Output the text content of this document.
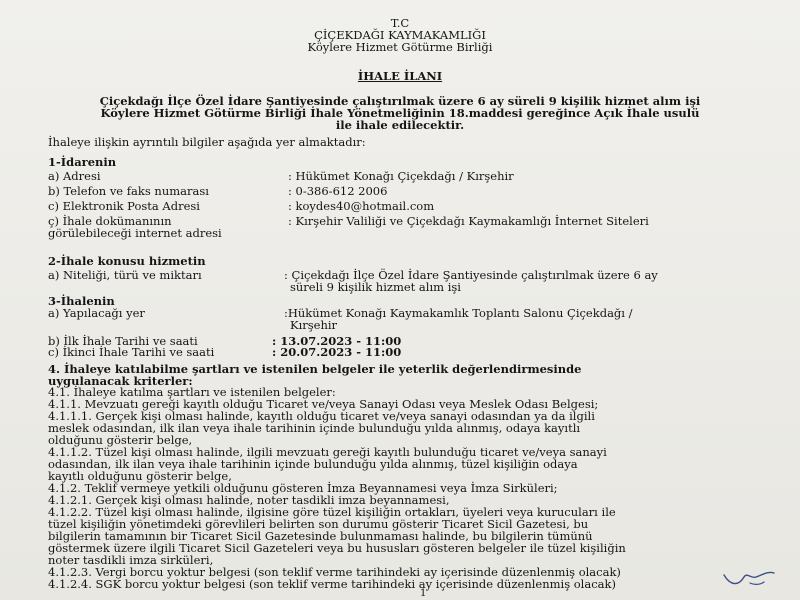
T.C
ÇİÇEKDAĞI KAYMAKAMLIĞI
Köylere Hizmet Götürme Birliği
İHALE İLANI
Çiçekdağı İlçe Özel İdare Şantiyesinde çalıştırılmak üzere 6 ay süreli 9 kişilik hizmet alım işi
Köylere Hizmet Götürme Birliği İhale Yönetmeliğinin 18.maddesi gereğince Açık İhale usulü
ile ihale edilecektir.
İhaleye ilişkin ayrıntılı bilgiler aşağıda yer almaktadır:
1-İdarenin
a) Adresi	: Hükümet Konağı Çiçekdağı / Kırşehir
b) Telefon ve faks numarası	: 0-386-612 2006
c) Elektronik Posta Adresi	: koydes40@hotmail.com
ç) İhale dokümanının
görülebileceği internet adresi
: Kırşehir Valiliği ve Çiçekdağı Kaymakamlığı İnternet Siteleri
2-İhale konusu hizmetin
a) Niteliği, türü ve miktarı	: Çiçekdağı İlçe Özel İdare Şantiyesinde çalıştırılmak üzere 6 ay
süreli 9 kişilik hizmet alım işi
3-İhalenin
a) Yapılacağı yer	:Hükümet Konağı Kaymakamlık Toplantı Salonu Çiçekdağı /
Kırşehir
b) İlk İhale Tarihi ve saati	: 13.07.2023 - 11:00
c) İkinci İhale Tarihi ve saati	: 20.07.2023 - 11:00
4. İhaleye katılabilme şartları ve istenilen belgeler ile yeterlik değerlendirmesinde
uygulanacak kriterler:
4.1. İhaleye katılma şartları ve istenilen belgeler:
4.1.1. Mevzuatı gereği kayıtlı olduğu Ticaret ve/veya Sanayi Odası veya Meslek Odası Belgesi;
4.1.1.1. Gerçek kişi olması halinde, kayıtlı olduğu ticaret ve/veya sanayi odasından ya da ilgili
meslek odasından, ilk ilan veya ihale tarihinin içinde bulunduğu yılda alınmış, odaya kayıtlı
olduğunu gösterir belge,
4.1.1.2. Tüzel kişi olması halinde, ilgili mevzuatı gereği kayıtlı bulunduğu ticaret ve/veya sanayi
odasından, ilk ilan veya ihale tarihinin içinde bulunduğu yılda alınmış, tüzel kişiliğin odaya
kayıtlı olduğunu gösterir belge,
4.1.2. Teklif vermeye yetkili olduğunu gösteren İmza Beyannamesi veya İmza Sirküleri;
4.1.2.1. Gerçek kişi olması halinde, noter tasdikli imza beyannamesi,
4.1.2.2. Tüzel kişi olması halinde, ilgisine göre tüzel kişiliğin ortakları, üyeleri veya kurucuları ile
tüzel kişiliğin yönetimdeki görevlileri belirten son durumu gösterir Ticaret Sicil Gazetesi, bu
bilgilerin tamamının bir Ticaret Sicil Gazetesinde bulunmaması halinde, bu bilgilerin tümünü
göstermek üzere ilgili Ticaret Sicil Gazeteleri veya bu hususları gösteren belgeler ile tüzel kişiliğin
noter tasdikli imza sirküleri,
4.1.2.3. Vergi borcu yoktur belgesi (son teklif verme tarihindeki ay içerisinde düzenlenmiş olacak)
4.1.2.4. SGK borcu yoktur belgesi (son teklif verme tarihindeki ay içerisinde düzenlenmiş olacak)
1
